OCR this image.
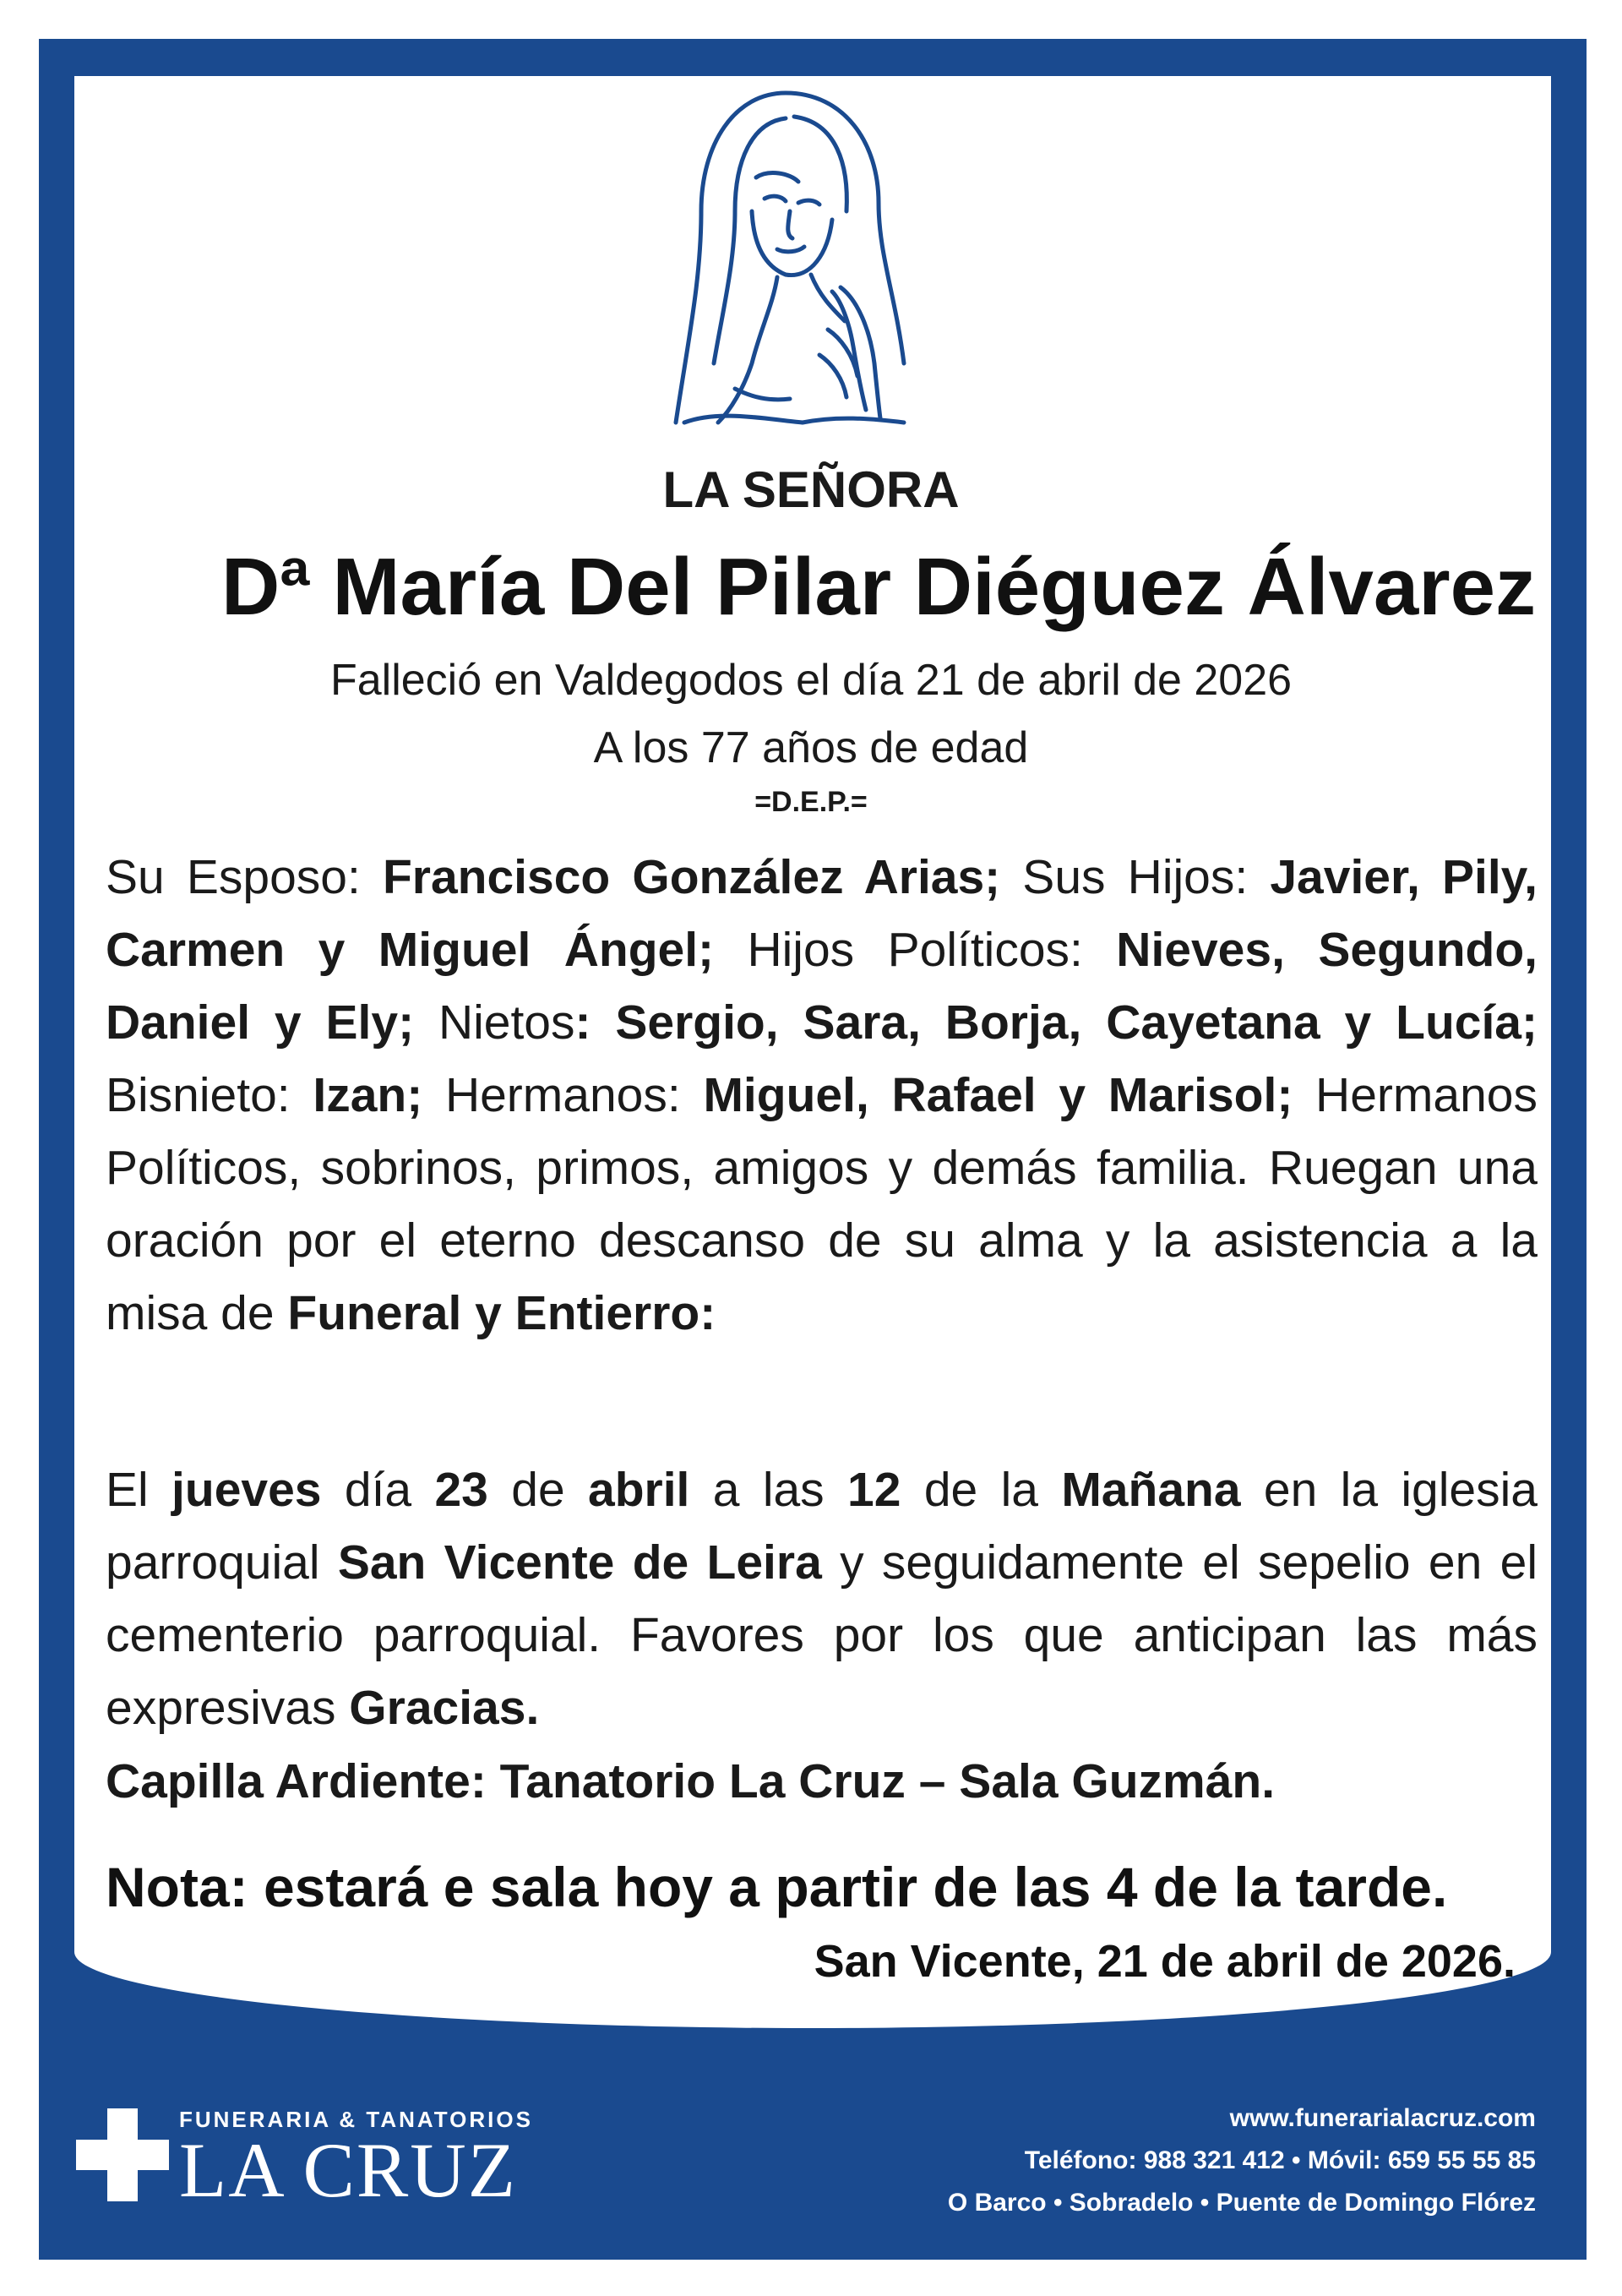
LA SEÑORA
Dª María Del Pilar Diéguez Álvarez
Falleció en Valdegodos el día 21 de abril de 2026
A los 77 años de edad
=D.E.P.=
Su Esposo: Francisco González Arias; Sus Hijos: Javier, Pily, Carmen y Miguel Ángel; Hijos Políticos: Nieves, Segundo, Daniel y Ely; Nietos: Sergio, Sara, Borja, Cayetana y Lucía; Bisnieto: Izan; Hermanos: Miguel, Rafael y Marisol; Hermanos Políticos, sobrinos, primos, amigos y demás familia. Ruegan una oración por el eterno descanso de su alma y la asistencia a la misa de Funeral y Entierro:
El jueves día 23 de abril a las 12 de la Mañana en la iglesia parroquial San Vicente de Leira y seguidamente el sepelio en el cementerio parroquial. Favores por los que anticipan las más expresivas Gracias.
Capilla Ardiente: Tanatorio La Cruz – Sala Guzmán.
Nota: estará e sala hoy a partir de las 4 de la tarde.
San Vicente, 21 de abril de 2026.
FUNERARIA & TANATORIOS
LA CRUZ
www.funerarialacruz.com
Teléfono: 988 321 412 • Móvil: 659 55 55 85
O Barco • Sobradelo • Puente de Domingo Flórez
